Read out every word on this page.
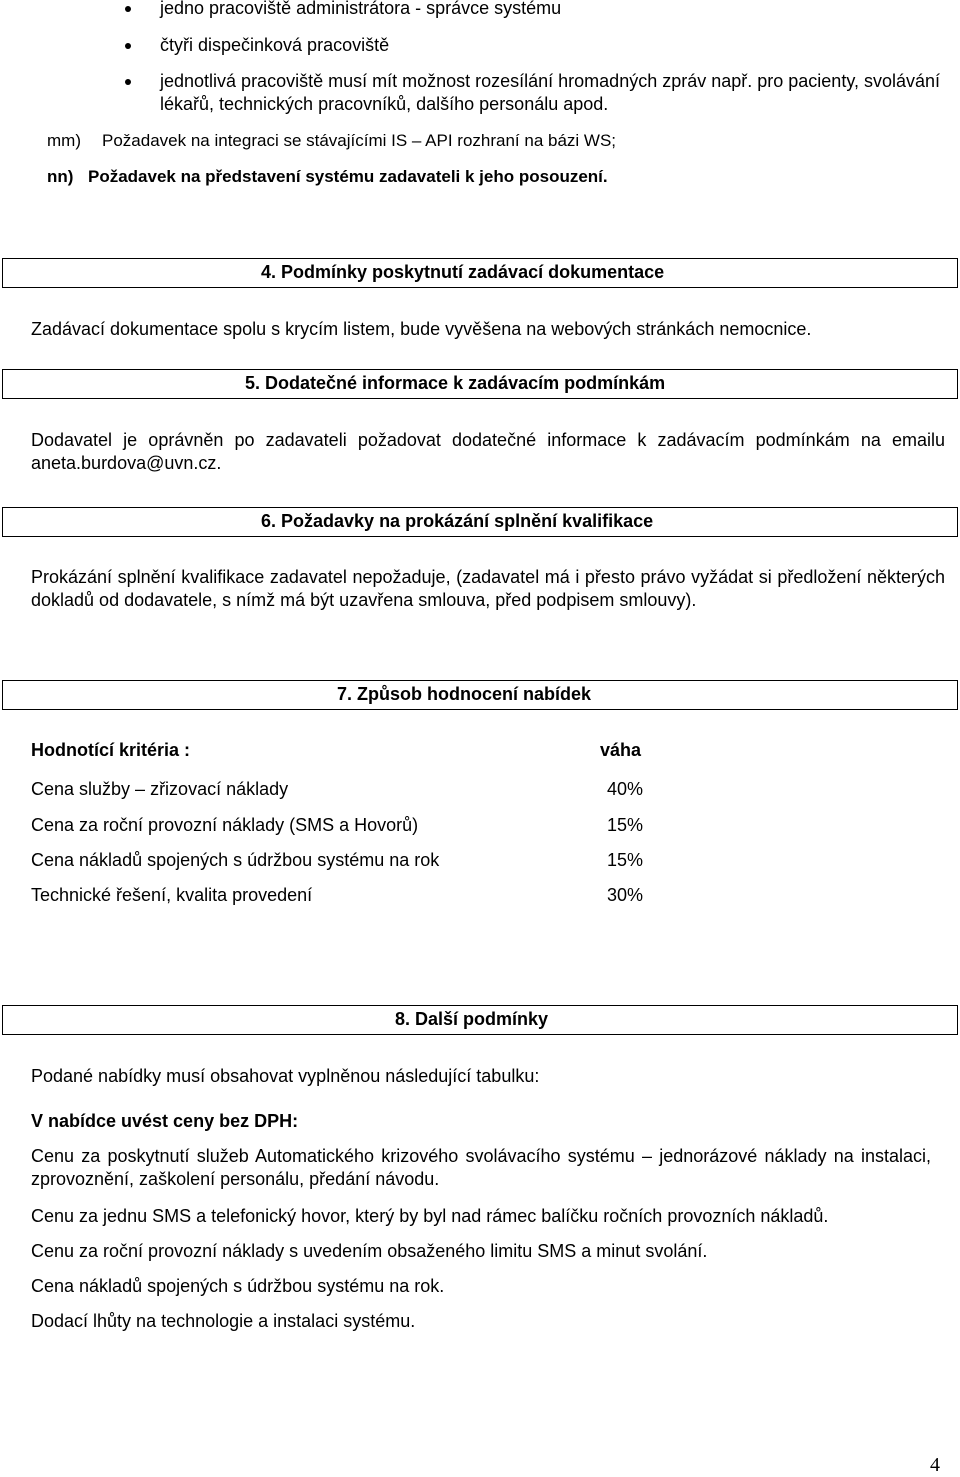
jedno pracoviště administrátora - správce systému
čtyři dispečinková pracoviště
jednotlivá pracoviště musí mít možnost rozesílání hromadných zpráv např. pro pacienty, svolávání lékařů, technických pracovníků, dalšího personálu apod.
mm) Požadavek na integraci se stávajícími IS – API rozhraní na bázi WS;
nn) Požadavek na představení systému zadavateli k jeho posouzení.
4. Podmínky poskytnutí zadávací dokumentace
Zadávací dokumentace spolu s krycím listem, bude vyvěšena na webových stránkách nemocnice.
5. Dodatečné informace k zadávacím podmínkám
Dodavatel je oprávněn po zadavateli požadovat dodatečné informace k zadávacím podmínkám na emailu aneta.burdova@uvn.cz.
6. Požadavky na prokázání splnění kvalifikace
Prokázání splnění kvalifikace zadavatel nepožaduje, (zadavatel má i přesto právo vyžádat si předložení některých dokladů od dodavatele, s nímž má být uzavřena smlouva, před podpisem smlouvy).
7. Způsob hodnocení nabídek
Hodnotící kritéria :	váha
Cena služby – zřizovací náklady	40%
Cena za roční provozní náklady (SMS a Hovorů)	15%
Cena nákladů spojených s údržbou systému na rok	15%
Technické řešení, kvalita provedení	30%
8. Další podmínky
Podané nabídky musí obsahovat vyplněnou následující tabulku:
V nabídce uvést ceny bez DPH:
Cenu za poskytnutí služeb Automatického krizového svolávacího systému – jednorázové náklady na instalaci, zprovoznění, zaškolení personálu, předání návodu.
Cenu za jednu SMS a telefonický hovor, který by byl nad rámec balíčku ročních provozních nákladů.
Cenu za roční provozní náklady s uvedením obsaženého limitu SMS a minut svolání.
Cena nákladů spojených s údržbou systému na rok.
Dodací lhůty na technologie a instalaci systému.
4
